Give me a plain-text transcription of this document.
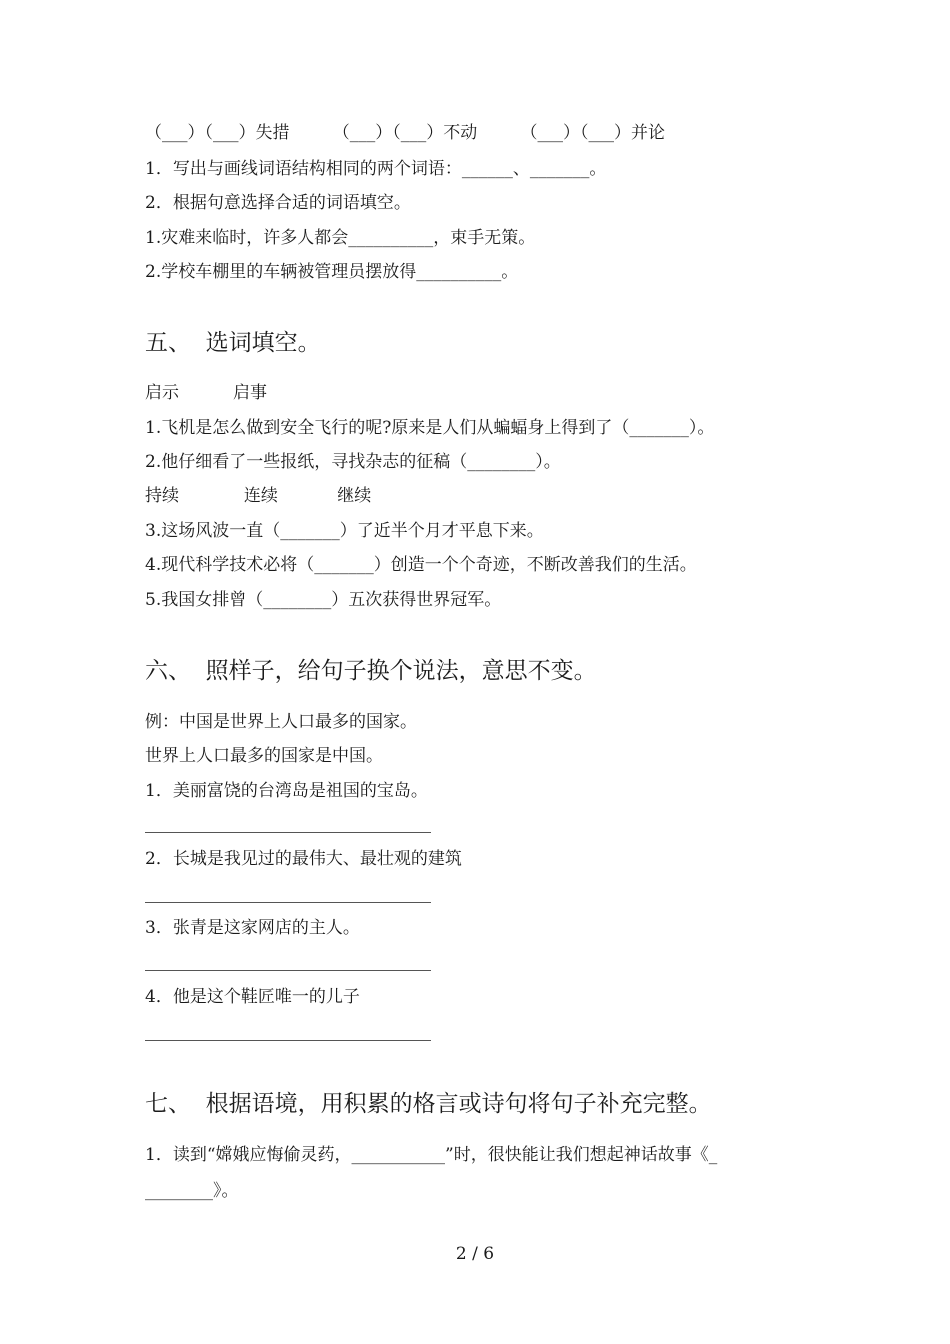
（___）（___）失措        （___）（___）不动        （___）（___）并论
1．写出与画线词语结构相同的两个词语：______、_______。
2．根据句意选择合适的词语填空。
1.灾难来临时，许多人都会__________，束手无策。
2.学校车棚里的车辆被管理员摆放得__________。
五、  选词填空。
启示          启事
1.飞机是怎么做到安全飞行的呢?原来是人们从蝙蝠身上得到了（_______）。
2.他仔细看了一些报纸，寻找杂志的征稿（________）。
持续            连续           继续
3.这场风波一直（_______）了近半个月才平息下来。
4.现代科学技术必将（_______）创造一个个奇迹，不断改善我们的生活。
5.我国女排曾（________）五次获得世界冠军。
六、  照样子，给句子换个说法，意思不变。
例：中国是世界上人口最多的国家。
世界上人口最多的国家是中国。
1．美丽富饶的台湾岛是祖国的宝岛。
2．长城是我见过的最伟大、最壮观的建筑
3．张青是这家网店的主人。
4．他是这个鞋匠唯一的儿子
七、  根据语境，用积累的格言或诗句将句子补充完整。
1．读到“嫦娥应悔偷灵药，___________”时，很快能让我们想起神话故事《_
________》。
2 / 6
